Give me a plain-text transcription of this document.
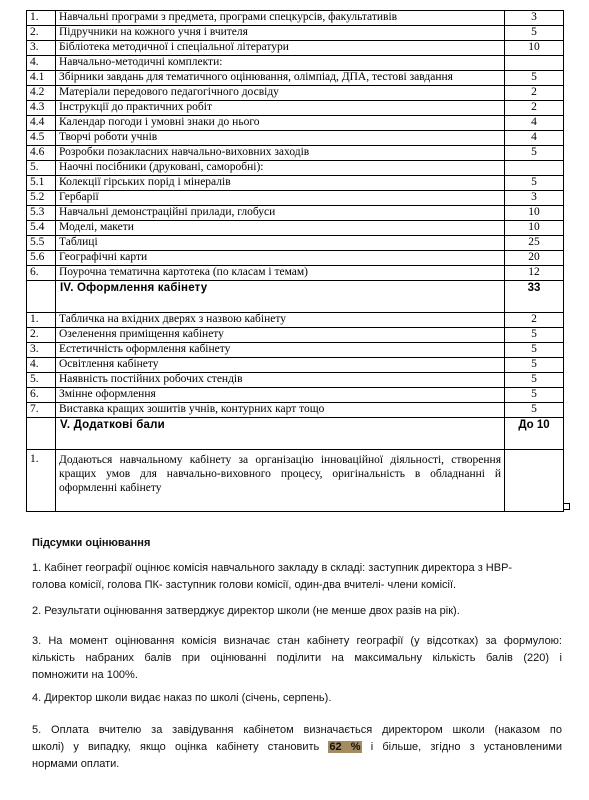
1.	Навчальні програми з предмета, програми спецкурсів, факультативів	3
2.	Підручники на кожного учня і вчителя	5
3.	Бібліотека методичної і спеціальної літератури	10
4.	Навчально-методичні комплекти:	
4.1	Збірники завдань для тематичного оцінювання, олімпіад, ДПА, тестові завдання	5
4.2	Матеріали передового педагогічного досвіду	2
4.3	Інструкції до практичних робіт	2
4.4	Календар погоди і умовні знаки до нього	4
4.5	Творчі роботи учнів	4
4.6	Розробки позакласних навчально-виховних заходів	5
5.	Наочні посібники (друковані, саморобні):	
5.1	Колекції гірських порід і мінералів	5
5.2	Гербарії	3
5.3	Навчальні демонстраційні прилади, глобуси	10
5.4	Моделі, макети	10
5.5	Таблиці	25
5.6	Географічні карти	20
6.	Поурочна тематична картотека (по класам і темам)	12
	IV. Оформлення кабінету	33
1.	Табличка на вхідних дверях з назвою кабінету	2
2.	Озеленення приміщення кабінету	5
3.	Естетичність оформлення кабінету	5
4.	Освітлення кабінету	5
5.	Наявність постійних робочих стендів	5
6.	Змінне оформлення	5
7.	Виставка кращих зошитів учнів, контурних карт тощо	5
	V. Додаткові бали	До 10
1.	Додаються навчальному кабінету за організацію інноваційної діяльності, створення кращих умов для навчально-виховного процесу, оригінальність в обладнанні й оформленні кабінету	
Підсумки оцінювання

1. Кабінет географії оцінює комісія навчального закладу в складі: заступник директора з НВР-

голова комісії, голова ПК- заступник голови комісії, один-два вчителі- члени комісії.

2. Результати оцінювання затверджує директор школи (не менше двох разів на рік).

3. На момент оцінювання комісія визначає стан кабінету географії (у відсотках) за формулою:

кількість набраних балів при оцінюванні поділити на максимальну кількість балів (220) і

помножити на 100%.

4. Директор школи видає наказ по школі (січень, серпень).

5. Оплата вчителю за завідування кабінетом визначається директором школи (наказом по

школі) у випадку, якщо оцінка кабінету становить 62 % і більше, згідно з установленими

нормами оплати.
